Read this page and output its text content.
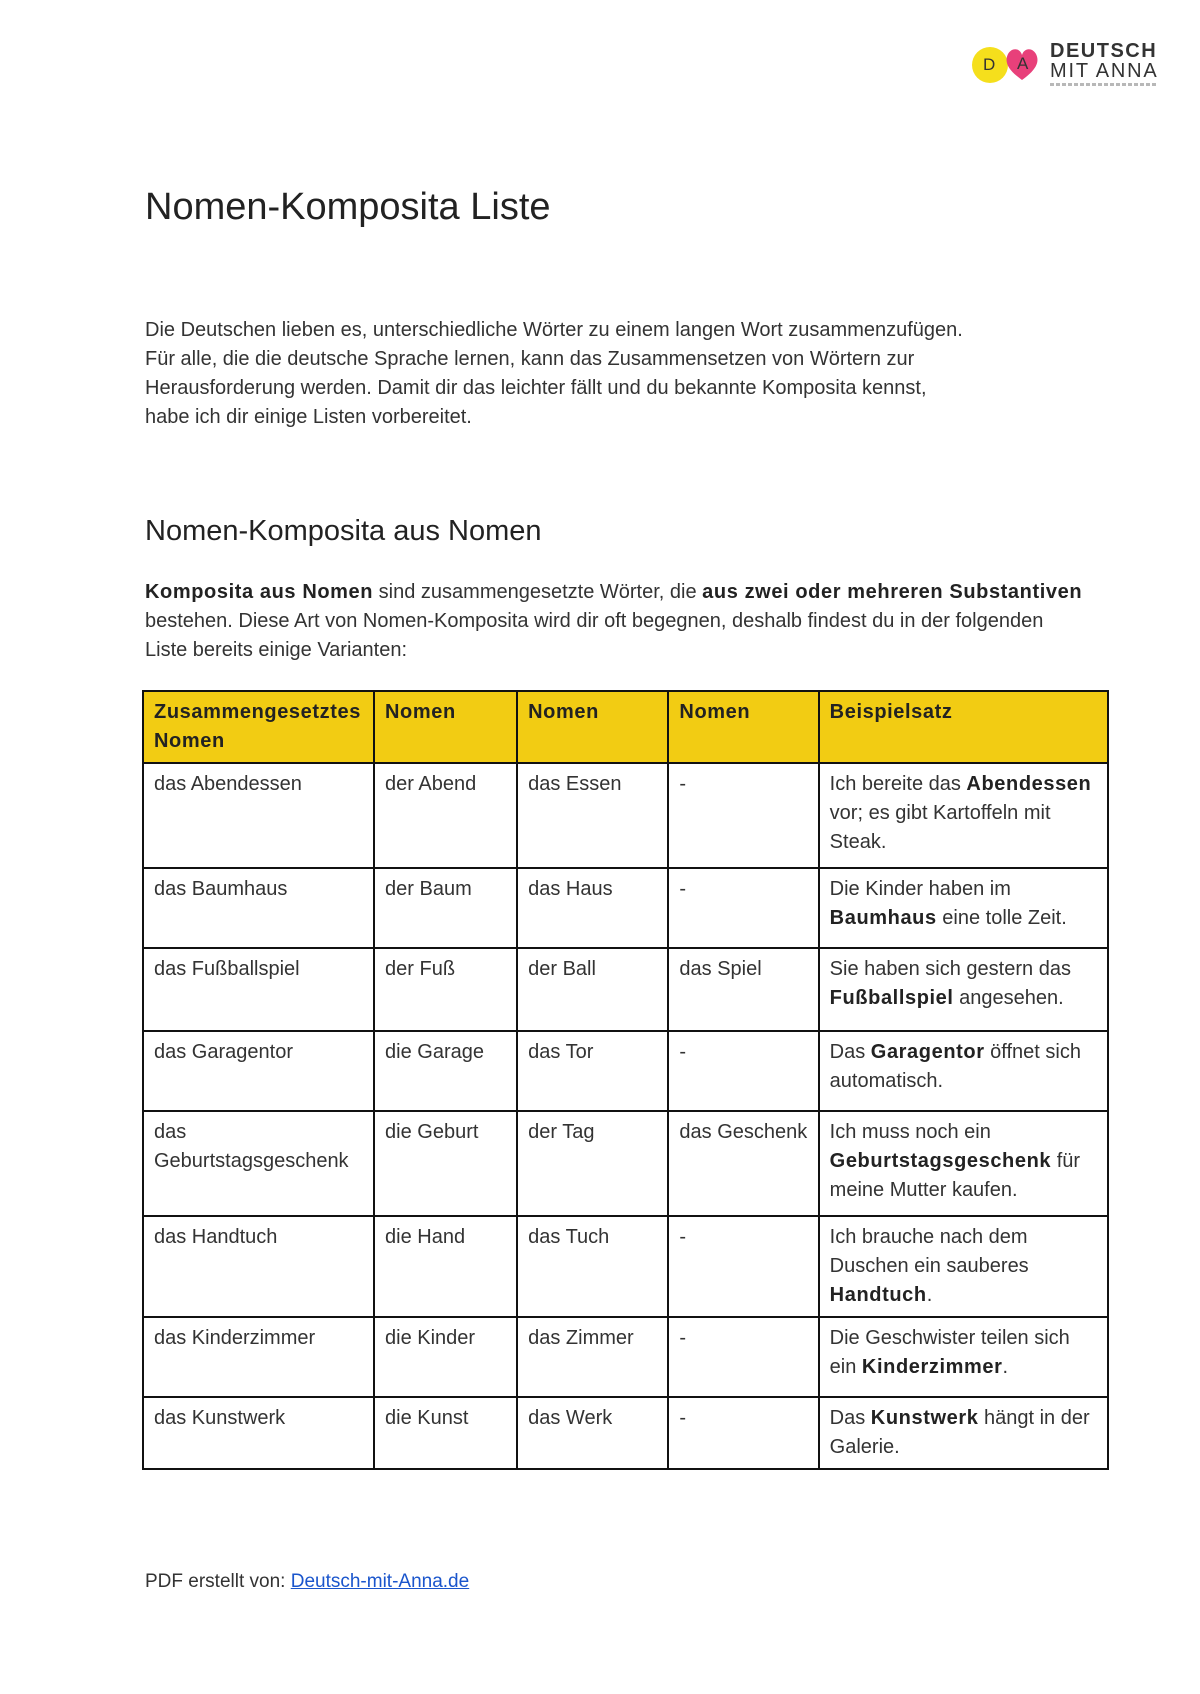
D A
DEUTSCH
MIT ANNA
Nomen-Komposita Liste

Die Deutschen lieben es, unterschiedliche Wörter zu einem langen Wort zusammenzufügen.

Für alle, die die deutsche Sprache lernen, kann das Zusammensetzen von Wörtern zur

Herausforderung werden. Damit dir das leichter fällt und du bekannte Komposita kennst,

habe ich dir einige Listen vorbereitet.

Nomen-Komposita aus Nomen
Komposita aus Nomen sind zusammengesetzte Wörter, die aus zwei oder mehreren Substantiven bestehen. Diese Art von Nomen-Komposita wird dir oft begegnen, deshalb findest du in der folgenden Liste bereits einige Varianten:
Zusammengesetztes Nomen	Nomen	Nomen	Nomen	Beispielsatz
das Abendessen	der Abend	das Essen	-	Ich bereite das Abendessen vor; es gibt Kartoffeln mit Steak.
das Baumhaus	der Baum	das Haus	-	Die Kinder haben im Baumhaus eine tolle Zeit.
das Fußballspiel	der Fuß	der Ball	das Spiel	Sie haben sich gestern das Fußballspiel angesehen.
das Garagentor	die Garage	das Tor	-	Das Garagentor öffnet sich automatisch.
das Geburtstagsgeschenk	die Geburt	der Tag	das Geschenk	Ich muss noch ein Geburtstagsgeschenk für meine Mutter kaufen.
das Handtuch	die Hand	das Tuch	-	Ich brauche nach dem Duschen ein sauberes Handtuch.
das Kinderzimmer	die Kinder	das Zimmer	-	Die Geschwister teilen sich ein Kinderzimmer.
das Kunstwerk	die Kunst	das Werk	-	Das Kunstwerk hängt in der Galerie.
PDF erstellt von: Deutsch-mit-Anna.de
